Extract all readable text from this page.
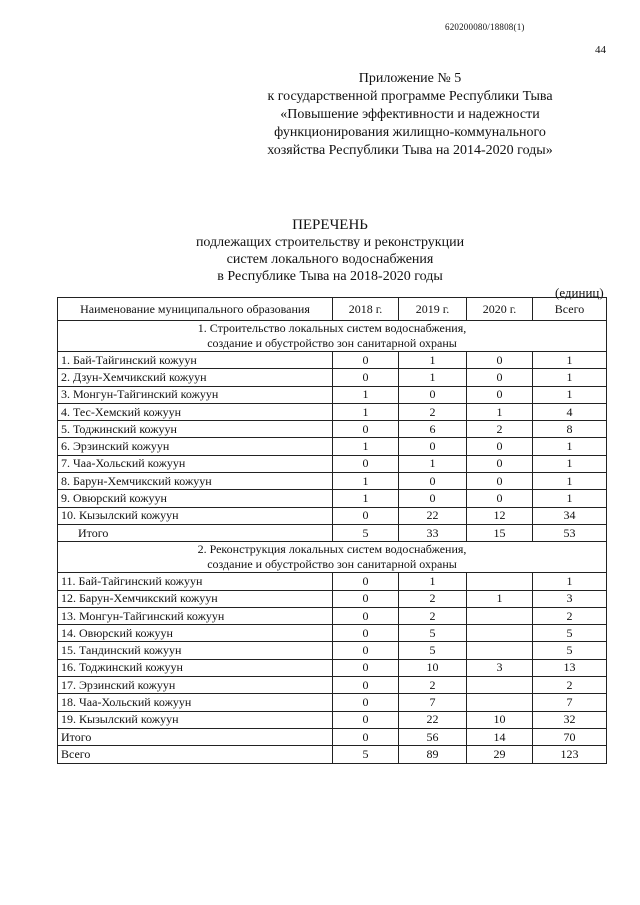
620200080/18808(1)
44
Приложение № 5
к государственной программе Республики Тыва
«Повышение эффективности и надежности
функционирования жилищно-коммунального
хозяйства Республики Тыва на 2014-2020 годы»
ПЕРЕЧЕНЬ
подлежащих строительству и реконструкции
систем локального водоснабжения
в Республике Тыва на 2018-2020 годы
(единиц)
Наименование муниципального образования	2018 г.	2019 г.	2020 г.	Всего

1. Строительство локальных систем водоснабжения,
создание и обустройство зон санитарной охраны				

1. Бай-Тайгинский кожуун	0	1	0	1
2. Дзун-Хемчикский кожуун	0	1	0	1
3. Монгун-Тайгинский кожуун	1	0	0	1
4. Тес-Хемский кожуун	1	2	1	4
5. Тоджинский кожуун	0	6	2	8
6. Эрзинский кожуун	1	0	0	1
7. Чаа-Хольский кожуун	0	1	0	1
8. Барун-Хемчикский кожуун	1	0	0	1
9. Овюрский кожуун	1	0	0	1
10. Кызылский кожуун	0	22	12	34
Итого	5	33	15	53

2. Реконструкция локальных систем водоснабжения,
создание и обустройство зон санитарной охраны				

11. Бай-Тайгинский кожуун	0	1		1
12. Барун-Хемчикский кожуун	0	2	1	3
13. Монгун-Тайгинский кожуун	0	2		2
14. Овюрский кожуун	0	5		5
15. Тандинский кожуун	0	5		5
16. Тоджинский кожуун	0	10	3	13
17. Эрзинский кожуун	0	2		2
18. Чаа-Хольский кожуун	0	7		7
19. Кызылский кожуун	0	22	10	32
Итого	0	56	14	70
Всего	5	89	29	123
